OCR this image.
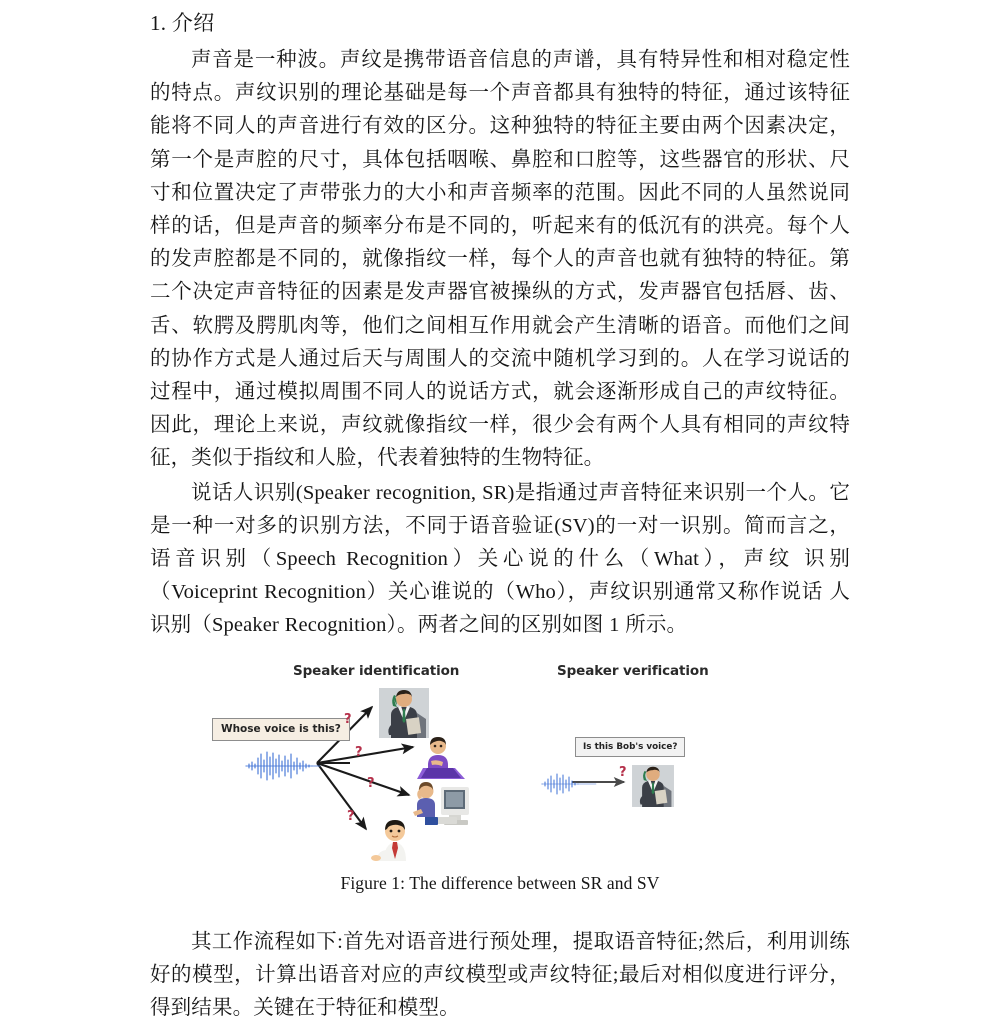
1. 介绍

声音是一种波。声纹是携带语音信息的声谱，具有特异性和相对稳定性的特点。声纹识别的理论基础是每一个声音都具有独特的特征，通过该特征能将不同人的声音进行有效的区分。这种独特的特征主要由两个因素决定，第一个是声腔的尺寸，具体包括咽喉、鼻腔和口腔等，这些器官的形状、尺寸和位置决定了声带张力的大小和声音频率的范围。因此不同的人虽然说同样的话，但是声音的频率分布是不同的，听起来有的低沉有的洪亮。每个人的发声腔都是不同的，就像指纹一样，每个人的声音也就有独特的特征。第二个决定声音特征的因素是发声器官被操纵的方式，发声器官包括唇、齿、舌、软腭及腭肌肉等，他们之间相互作用就会产生清晰的语音。而他们之间的协作方式是人通过后天与周围人的交流中随机学习到的。人在学习说话的过程中，通过模拟周围不同人的说话方式，就会逐渐形成自己的声纹特征。因此，理论上来说，声纹就像指纹一样，很少会有两个人具有相同的声纹特征，类似于指纹和人脸，代表着独特的生物特征。

说话人识别(Speaker recognition, SR)是指通过声音特征来识别一个人。它是一种一对多的识别方法，不同于语音验证(SV)的一对一识别。简而言之，语音识别（Speech Recognition）关心说的什么（What），声纹 识别（Voiceprint Recognition）关心谁说的（Who），声纹识别通常又称作说话 人识别（Speaker Recognition）。两者之间的区别如图 1 所示。

Speaker identification
Whose voice is this?
?
?
?
?
Speaker verification
Is this Bob's voice?
?
Figure 1: The difference between SR and SV

其工作流程如下:首先对语音进行预处理，提取语音特征;然后，利用训练好的模型，计算出语音对应的声纹模型或声纹特征;最后对相似度进行评分，得到结果。关键在于特征和模型。
